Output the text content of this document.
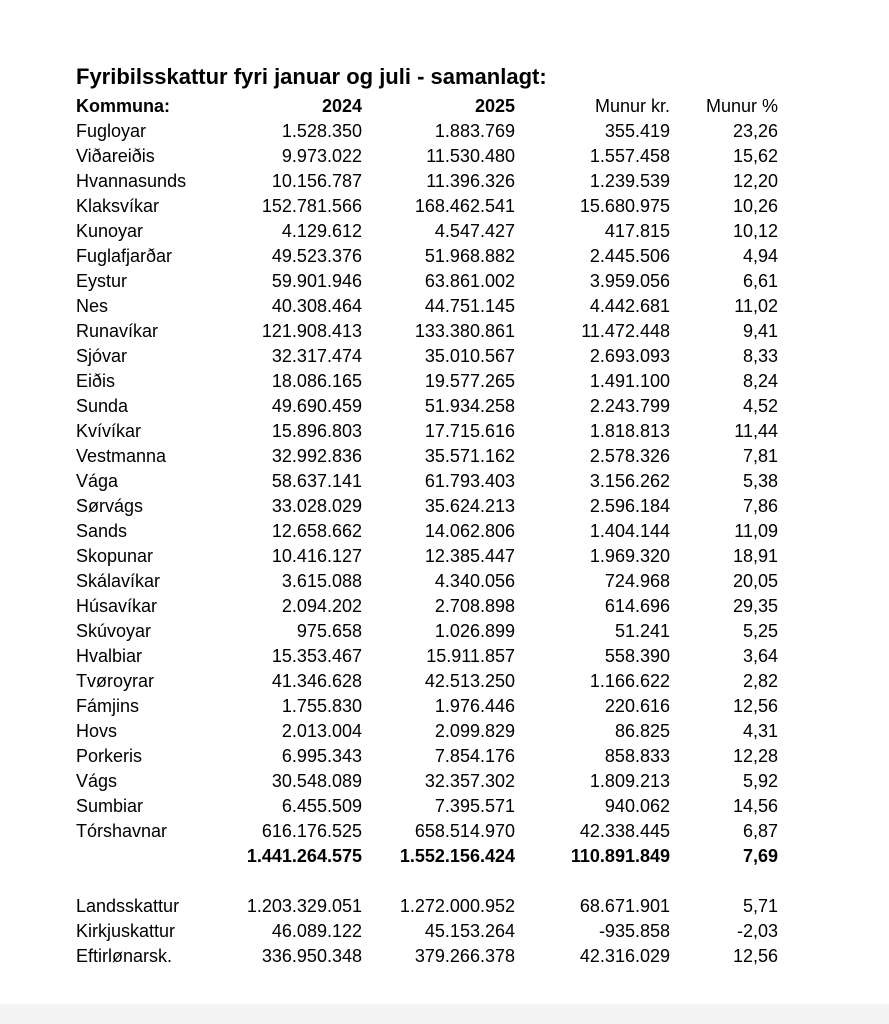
Fyribilsskattur fyri januar og juli - samanlagt:
Kommuna:	2024	2025	Munur kr.	Munur %
Fugloyar	1.528.350	1.883.769	355.419	23,26
Viðareiðis	9.973.022	11.530.480	1.557.458	15,62
Hvannasunds	10.156.787	11.396.326	1.239.539	12,20
Klaksvíkar	152.781.566	168.462.541	15.680.975	10,26
Kunoyar	4.129.612	4.547.427	417.815	10,12
Fuglafjarðar	49.523.376	51.968.882	2.445.506	4,94
Eystur	59.901.946	63.861.002	3.959.056	6,61
Nes	40.308.464	44.751.145	4.442.681	11,02
Runavíkar	121.908.413	133.380.861	11.472.448	9,41
Sjóvar	32.317.474	35.010.567	2.693.093	8,33
Eiðis	18.086.165	19.577.265	1.491.100	8,24
Sunda	49.690.459	51.934.258	2.243.799	4,52
Kvívíkar	15.896.803	17.715.616	1.818.813	11,44
Vestmanna	32.992.836	35.571.162	2.578.326	7,81
Vága	58.637.141	61.793.403	3.156.262	5,38
Sørvágs	33.028.029	35.624.213	2.596.184	7,86
Sands	12.658.662	14.062.806	1.404.144	11,09
Skopunar	10.416.127	12.385.447	1.969.320	18,91
Skálavíkar	3.615.088	4.340.056	724.968	20,05
Húsavíkar	2.094.202	2.708.898	614.696	29,35
Skúvoyar	975.658	1.026.899	51.241	5,25
Hvalbiar	15.353.467	15.911.857	558.390	3,64
Tvøroyrar	41.346.628	42.513.250	1.166.622	2,82
Fámjins	1.755.830	1.976.446	220.616	12,56
Hovs	2.013.004	2.099.829	86.825	4,31
Porkeris	6.995.343	7.854.176	858.833	12,28
Vágs	30.548.089	32.357.302	1.809.213	5,92
Sumbiar	6.455.509	7.395.571	940.062	14,56
Tórshavnar	616.176.525	658.514.970	42.338.445	6,87
	1.441.264.575	1.552.156.424	110.891.849	7,69

Landsskattur	1.203.329.051	1.272.000.952	68.671.901	5,71
Kirkjuskattur	46.089.122	45.153.264	-935.858	-2,03
Eftirlønarsk.	336.950.348	379.266.378	42.316.029	12,56
